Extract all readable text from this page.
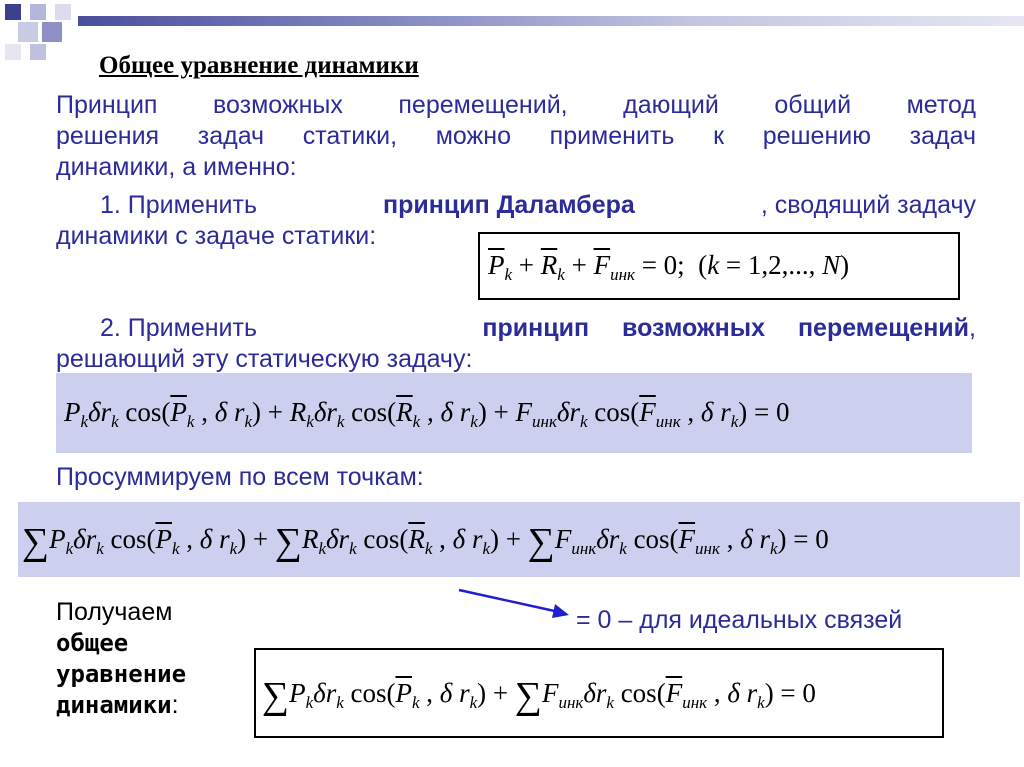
Общее уравнение динамики
Принцип возможных перемещений, дающий общий метод
решения задач статики, можно применить к решению задач
динамики, а именно:
1. Применить	принцип Даламбера	, сводящий задачу
динамики с задаче статики:
$\overline{P}_k + \overline{R}_k + \overline{F}_{инк} = 0$;  (k = 1,2,..., N)
2. Применить	принцип возможных перемещений ,
решающий эту статическую задачу:
$P_k\delta r_k$ $\cos(\overline{P}_k$ , δ $r_k) + R_k\delta r_k$ $\cos(\overline{R}_k$ , δ $r_k) + F_{инк}\delta r_k$ $\cos(\overline{F}_{инк}$ , δ $r_k) = 0$
Просуммируем по всем точкам:
$\sum P_k\delta r_k$ $\cos(\overline{P}_k$ , δ $r_k) + \sum R_k\delta r_k$ $\cos(\overline{R}_k$ , δ $r_k) + \sum F_{инк}\delta r_k$ $\cos(\overline{F}_{инк}$ , δ $r_k) = 0$
Получаем
общее
уравнение
динамики:
= 0 – для идеальных связей
$\sum P_k\delta r_k$ $\cos(\overline{P}_k$ , δ $r_k) + \sum F_{инк}\delta r_k$ $\cos(\overline{F}_{инк}$ , δ $r_k) = 0$
